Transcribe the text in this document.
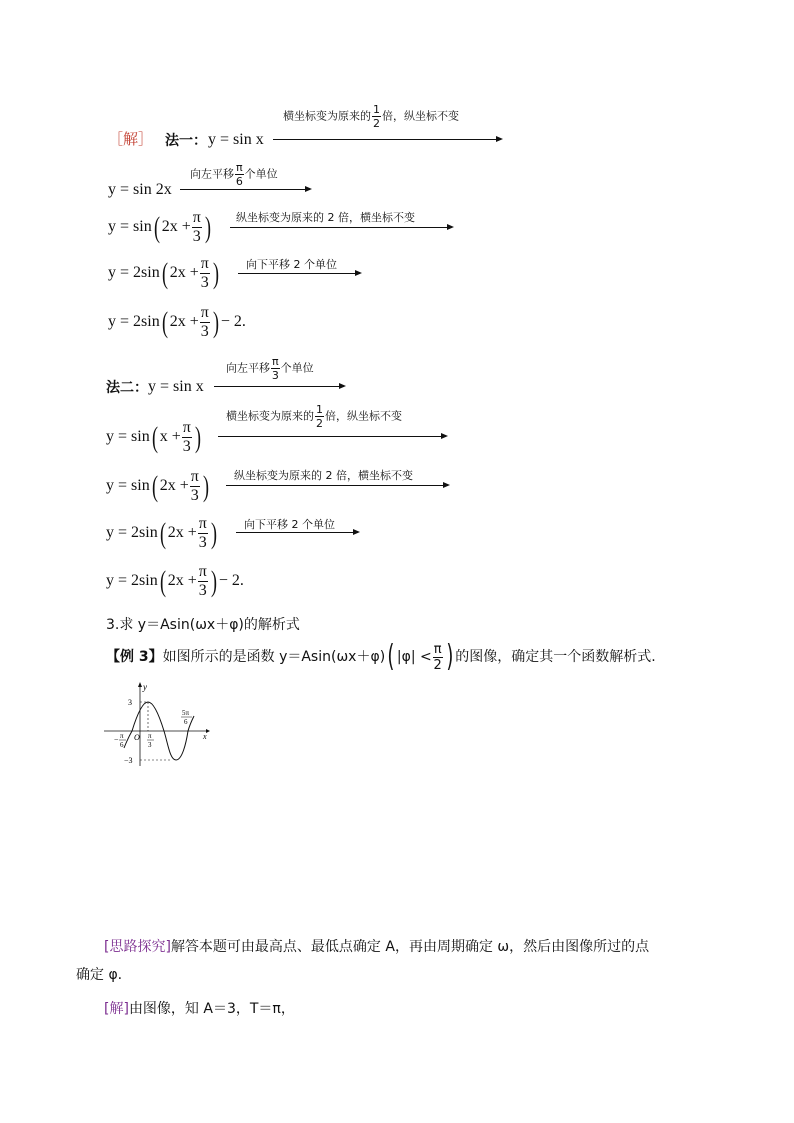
［解］ 法一： y = sin x
横坐标变为原来的 $\frac{1}{2}$ 倍，纵坐标不变
y = sin 2x
向左平移 $\frac{\pi}{6}$ 个单位
y = sin( $2x + \frac{\pi}{3}$ ) 纵坐标变为原来的 2 倍，横坐标不变
y = 2sin( $2x + \frac{\pi}{3}$ ) 向下平移 2 个单位
y = 2sin( $2x + \frac{\pi}{3}$ ) − 2.
法二： y = sin x
向左平移 $\frac{\pi}{3}$ 个单位
y = sin( $x + \frac{\pi}{3}$ )
横坐标变为原来的 $\frac{1}{2}$ 倍，纵坐标不变
y = sin( $2x + \frac{\pi}{3}$ ) 纵坐标变为原来的 2 倍，横坐标不变
y = 2sin( $2x + \frac{\pi}{3}$ ) 向下平移 2 个单位
y = 2sin( $2x + \frac{\pi}{3}$ ) − 2.
3.求 y＝Asin(ωx＋φ)的解析式
【例 3】如图所示的是函数 y＝Asin(ωx＋φ)( $|\varphi| < \frac{\pi}{2}$ ) 的图像，确定其一个函数解析式.
y
x
3
−3
O
− π
6
π
3
5π
6
[思路探究]解答本题可由最高点、最低点确定 A，再由周期确定 ω，然后由图像所过的点
确定 φ.
[解]由图像，知 A＝3，T＝π，
